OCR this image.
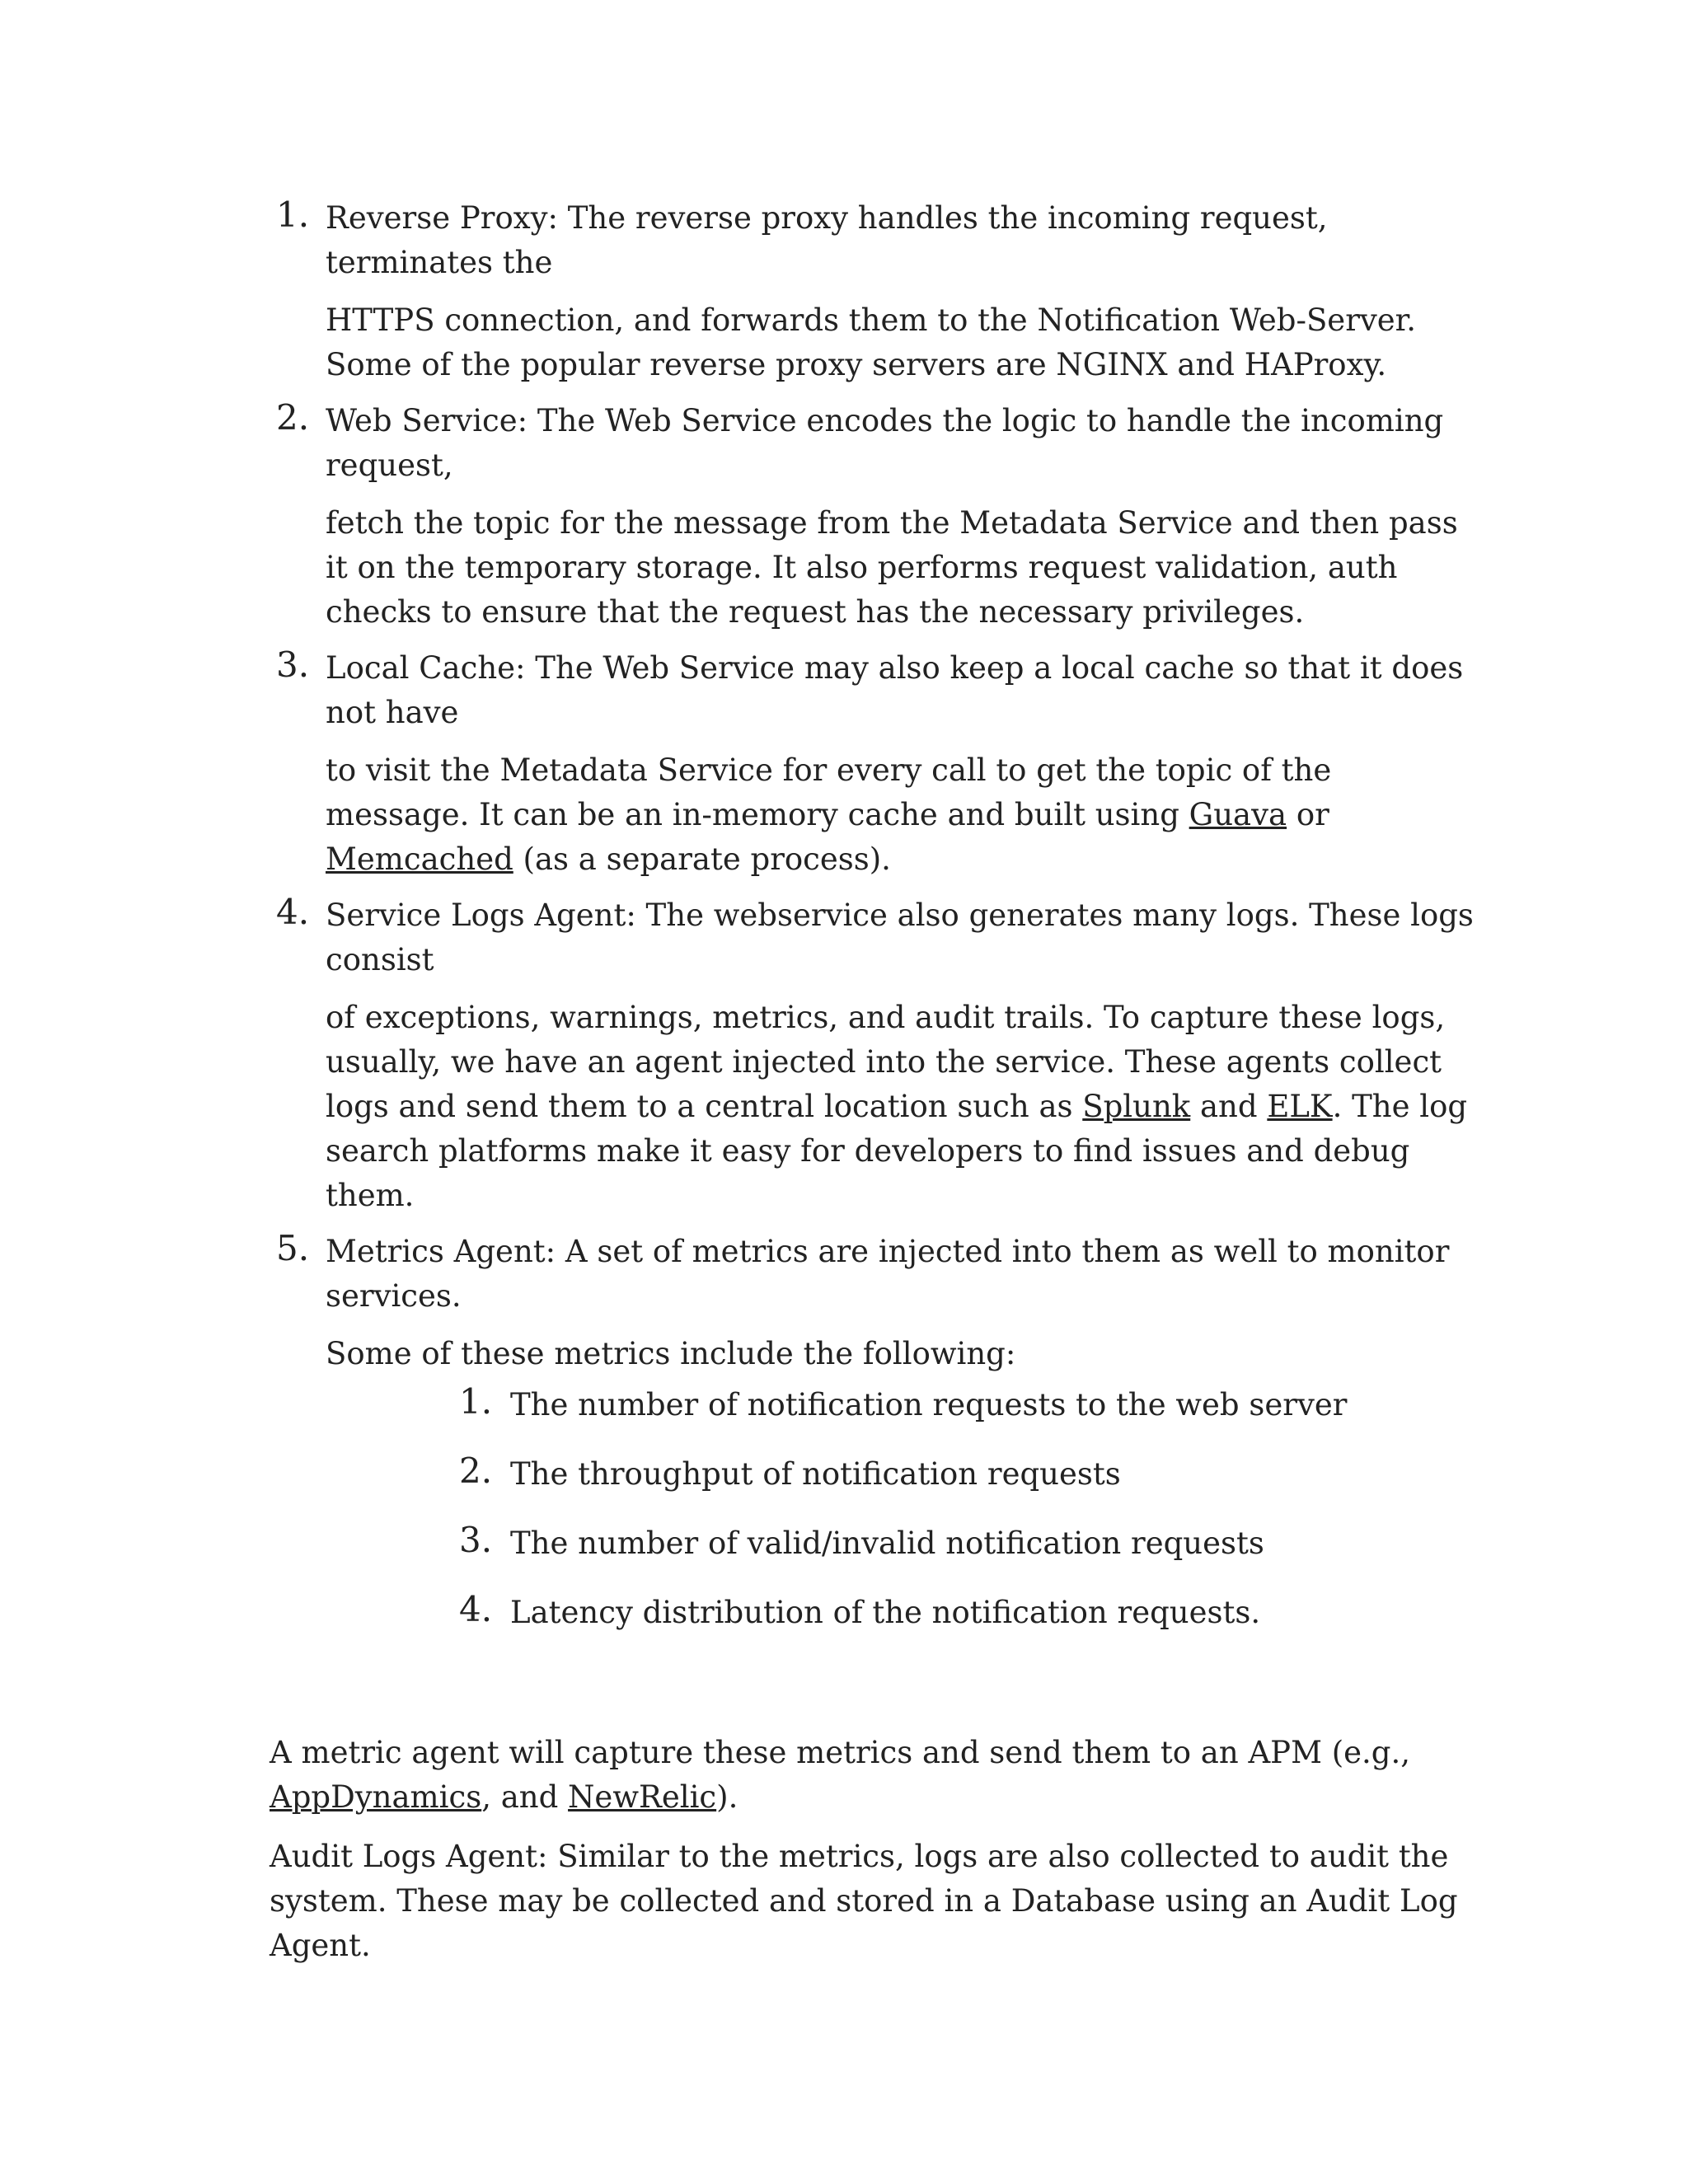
1. Reverse Proxy: The reverse proxy handles the incoming request, terminates the
HTTPS connection, and forwards them to the Notification Web-Server. Some of the popular reverse proxy servers are NGINX and HAProxy.
2. Web Service: The Web Service encodes the logic to handle the incoming request,
fetch the topic for the message from the Metadata Service and then pass it on the temporary storage. It also performs request validation, auth checks to ensure that the request has the necessary privileges.
3. Local Cache: The Web Service may also keep a local cache so that it does not have
to visit the Metadata Service for every call to get the topic of the message. It can be an in-memory cache and built using Guava or Memcached (as a separate process).
4. Service Logs Agent: The webservice also generates many logs. These logs consist
of exceptions, warnings, metrics, and audit trails. To capture these logs, usually, we have an agent injected into the service. These agents collect logs and send them to a central location such as Splunk and ELK. The log search platforms make it easy for developers to find issues and debug them.
5. Metrics Agent: A set of metrics are injected into them as well to monitor services.
Some of these metrics include the following:
1. The number of notification requests to the web server
2. The throughput of notification requests
3. The number of valid/invalid notification requests
4. Latency distribution of the notification requests.

A metric agent will capture these metrics and send them to an APM (e.g., AppDynamics, and NewRelic).

Audit Logs Agent: Similar to the metrics, logs are also collected to audit the system. These may be collected and stored in a Database using an Audit Log Agent.
